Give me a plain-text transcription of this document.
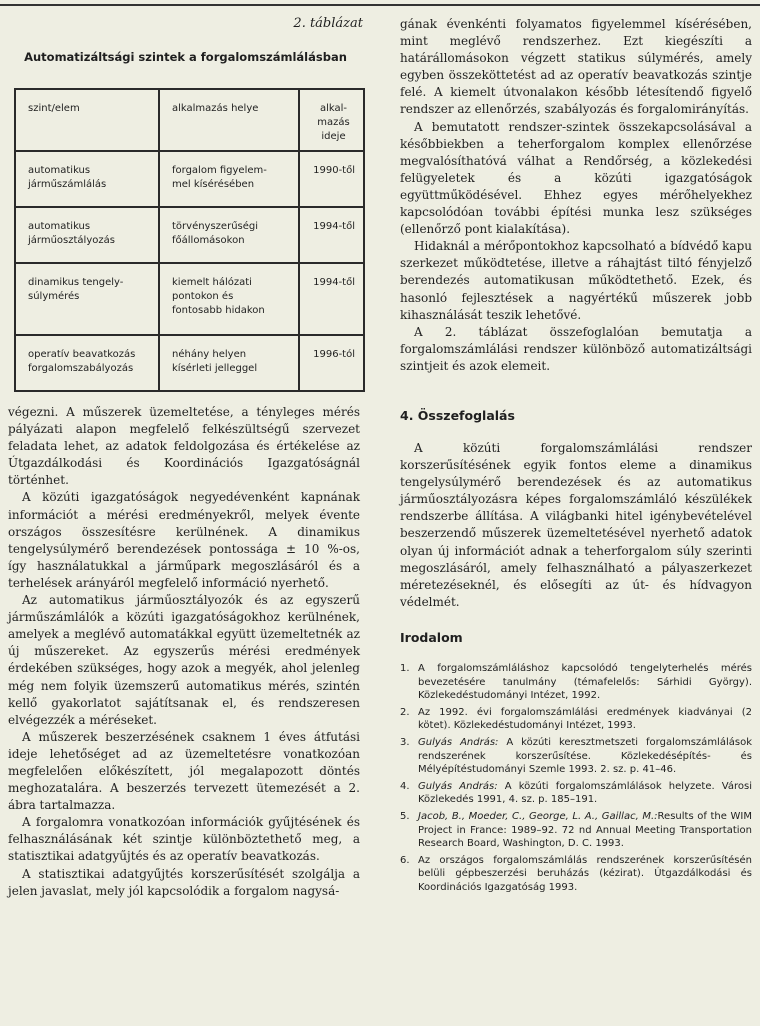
2. táblázat
Automatizáltsági szintek a forgalomszámlálásban
szint/elem	alkalmazás helye	alkal-
mazás
ideje
automatikus
járműszámlálás	forgalom figyelem-
mel kísérésében	1990-től
automatikus
járműosztályozás	törvényszerűségi
főállomásokon	1994-től
dinamikus tengely-
súlymérés	kiemelt hálózati
pontokon és
fontosabb hidakon	1994-től
operatív beavatkozás
forgalomszabályozás	néhány helyen
kísérleti jelleggel	1996-tól

végezni. A műszerek üzemeltetése, a tényleges mérés pályázati alapon megfelelő felkészültségű szervezet feladata lehet, az adatok feldolgozása és értékelése az Útgazdálkodási és Koordinációs Igazgatóságnál történhet.

A közúti igazgatóságok negyedévenként kapnának információt a mérési eredményekről, melyek évente országos összesítésre kerülnének. A dinamikus tengelysúlymérő berendezések pontossága ± 10 %-os, így használatukkal a járműpark megoszlásáról és a terhelések arányáról megfelelő információ nyerhető.

Az automatikus járműosztályozók és az egyszerű járműszámlálók a közúti igazgatóságokhoz kerülnének, amelyek a meglévő automatákkal együtt üzemeltetnék az új műszereket. Az egyszerűs mérési eredmények érdekében szükséges, hogy azok a megyék, ahol jelenleg még nem folyik üzemszerű automatikus mérés, szintén kellő gyakorlatot sajátítsanak el, és rendszeresen elvégezzék a méréseket.

A műszerek beszerzésének csaknem 1 éves átfutási ideje lehetőséget ad az üzemeltetésre vonatkozóan megfelelően előkészített, jól megalapozott döntés meghozatalára. A beszerzés tervezett ütemezését a 2. ábra tartalmazza.

A forgalomra vonatkozóan információk gyűjtésének és felhasználásának két szintje különböztethető meg, a statisztikai adatgyűjtés és az operatív beavatkozás.

A statisztikai adatgyűjtés korszerűsítését szolgálja a jelen javaslat, mely jól kapcsolódik a forgalom nagysá-

gának évenkénti folyamatos figyelemmel kísérésében, mint meglévő rendszerhez. Ezt kiegészíti a határállomásokon végzett statikus súlymérés, amely egyben összeköttetést ad az operatív beavatkozás szintje felé. A kiemelt útvonalakon később létesítendő figyelő rendszer az ellenőrzés, szabályozás és forgalomirányítás.

A bemutatott rendszer-szintek összekapcsolásával a későbbiekben a teherforgalom komplex ellenőrzése megvalósíthatóvá válhat a Rendőrség, a közlekedési felügyeletek és a közúti igazgatóságok együttműködésével. Ehhez egyes mérőhelyekhez kapcsolódóan további építési munka lesz szükséges (ellenőrző pont kialakítása).

Hidaknál a mérőpontokhoz kapcsolható a bídvédő kapu szerkezet működtetése, illetve a ráhajtást tiltó fényjelző berendezés automatikusan működtethető. Ezek, és hasonló fejlesztések a nagyértékű műszerek jobb kihasználását teszik lehetővé.

A 2. táblázat összefoglalóan bemutatja a forgalomszámlálási rendszer különböző automatizáltsági szintjeit és azok elemeit.

4. Összefoglalás

A közúti forgalomszámlálási rendszer korszerűsítésének egyik fontos eleme a dinamikus tengelysúlymérő berendezések és az automatikus járműosztályozásra képes forgalomszámláló készülékek rendszerbe állítása. A világbanki hitel igénybevételével beszerzendő műszerek üzemeltetésével nyerhető adatok olyan új információt adnak a teherforgalom súly szerinti megoszlásáról, amely felhasználható a pályaszerkezet méretezéseknél, és elősegíti az út- és hídvagyon védelmét.

Irodalom
1. A forgalomszámláláshoz kapcsolódó tengelyterhelés mérés bevezetésére tanulmány (témafelelős: Sárhidi György). Közlekedéstudományi Intézet, 1992.
2. Az 1992. évi forgalomszámlálási eredmények kiadványai (2 kötet). Közlekedéstudományi Intézet, 1993.
3. Gulyás András: A közúti keresztmetszeti forgalomszámlálások rendszerének korszerűsítése. Közlekedésépítés- és Mélyépítéstudományi Szemle 1993. 2. sz. p. 41–46.
4. Gulyás András: A közúti forgalomszámlálások helyzete. Városi Közlekedés 1991, 4. sz. p. 185–191.
5. Jacob, B., Moeder, C., George, L. A., Gaillac, M.:Results of the WIM Project in France: 1989–92. 72 nd Annual Meeting Transportation Research Board, Washington, D. C. 1993.
6. Az országos forgalomszámlálás rendszerének korszerűsítésén belüli gépbeszerzési beruházás (kézirat). Útgazdálkodási és Koordinációs Igazgatóság 1993.
